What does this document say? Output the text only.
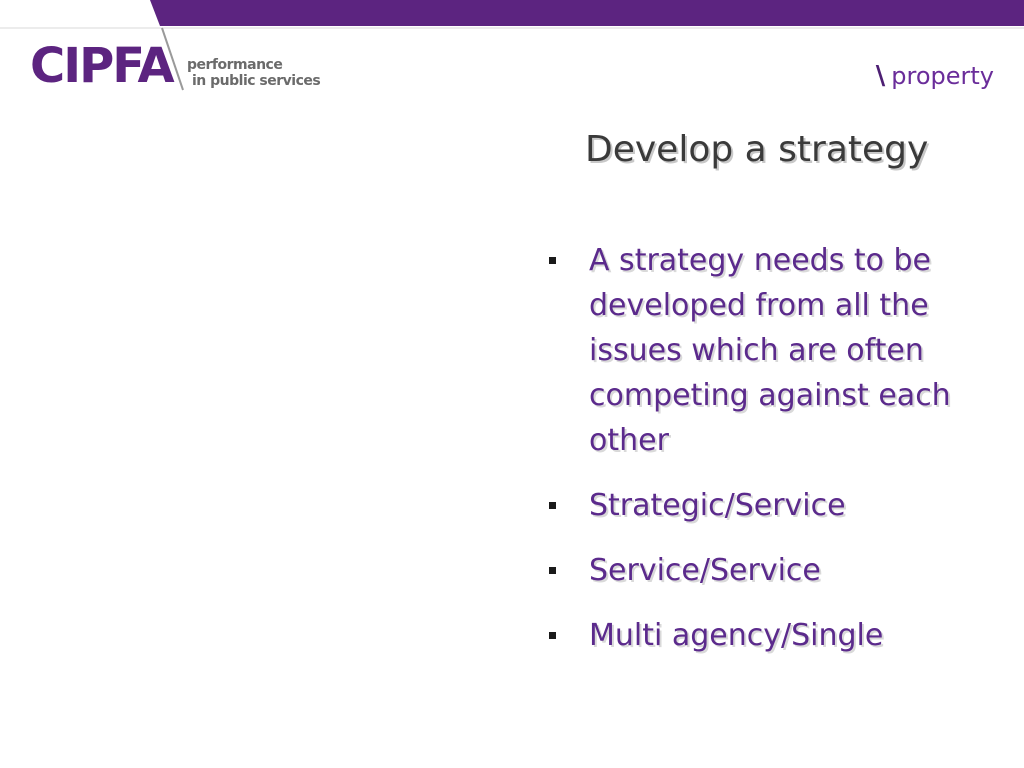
CIPFA performance
in public services	\ property
Develop a strategy
A strategy needs to be developed from all the issues which are often competing against each other
Strategic/Service
Service/Service
Multi agency/Single
